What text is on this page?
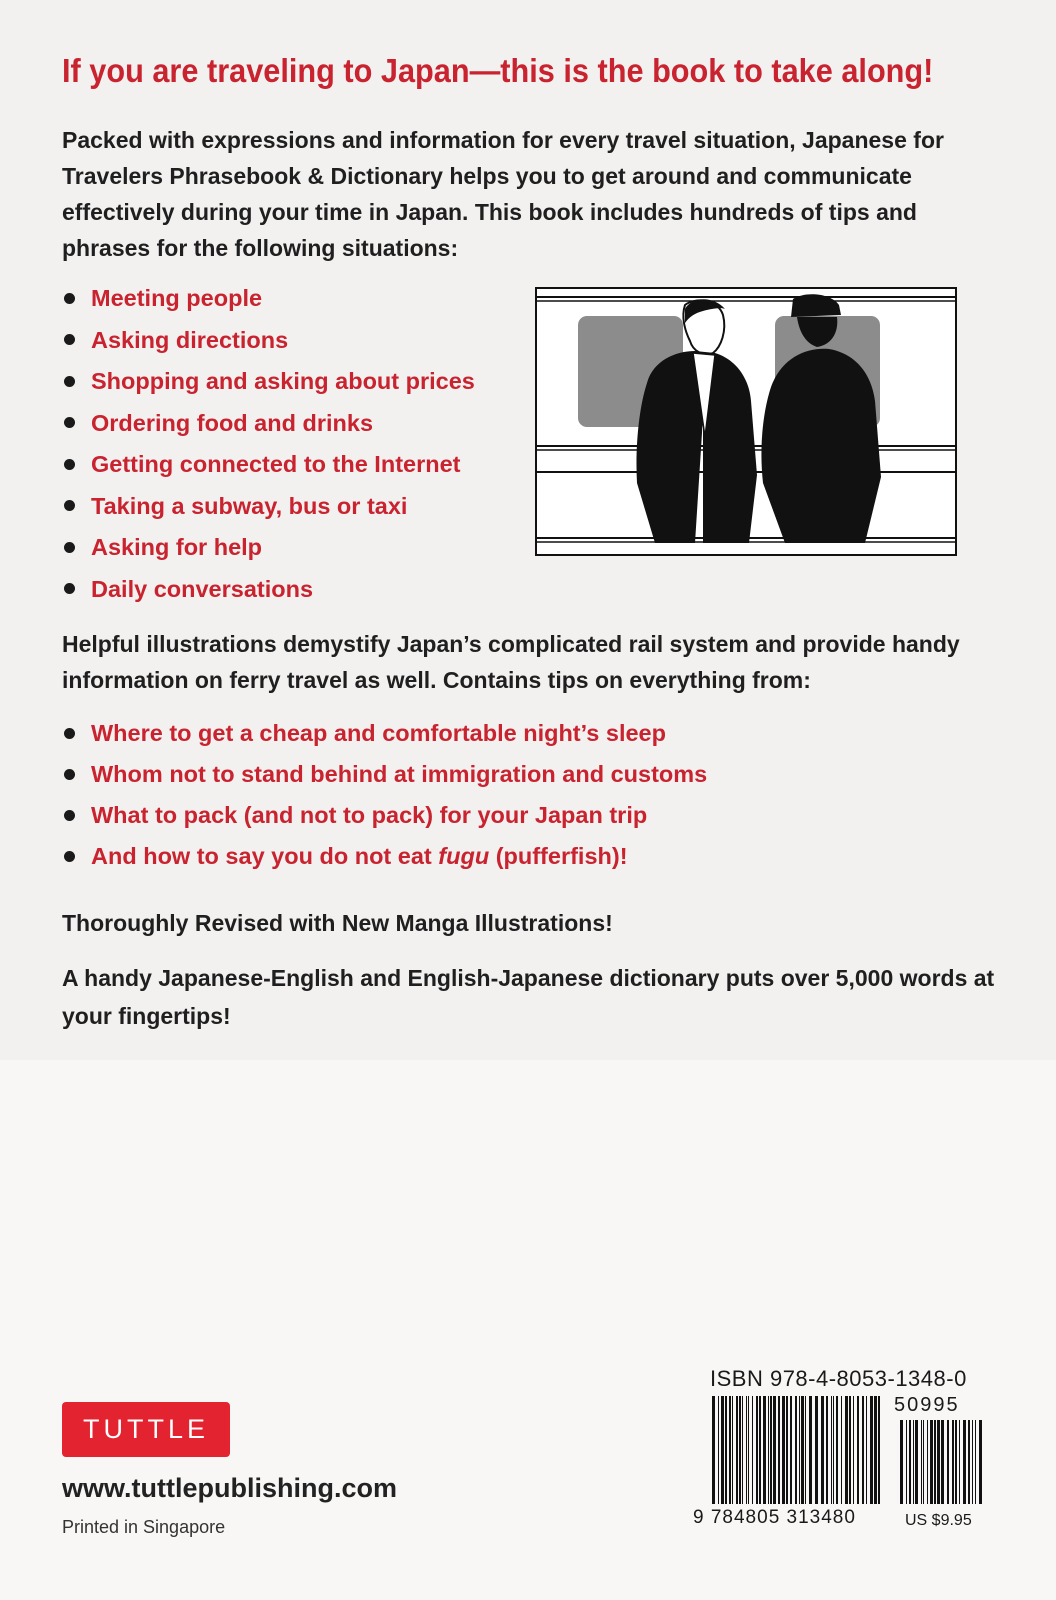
If you are traveling to Japan—this is the book to take along!
Packed with expressions and information for every travel situation, Japanese for Travelers Phrasebook & Dictionary helps you to get around and communicate effectively during your time in Japan. This book includes hundreds of tips and phrases for the following situations:
Meeting people
Asking directions
Shopping and asking about prices
Ordering food and drinks
Getting connected to the Internet
Taking a subway, bus or taxi
Asking for help
Daily conversations
Helpful illustrations demystify Japan’s complicated rail system and provide handy information on ferry travel as well. Contains tips on everything from:
Where to get a cheap and comfortable night’s sleep
Whom not to stand behind at immigration and customs
What to pack (and not to pack) for your Japan trip
And how to say you do not eat fugu (pufferfish)!
Thoroughly Revised with New Manga Illustrations!
A handy Japanese-English and English-Japanese dictionary puts over 5,000 words at your fingertips!
TUTTLE
www.tuttlepublishing.com
Printed in Singapore
ISBN 978-4-8053-1348-0
50995
9 784805 313480	US $9.95
